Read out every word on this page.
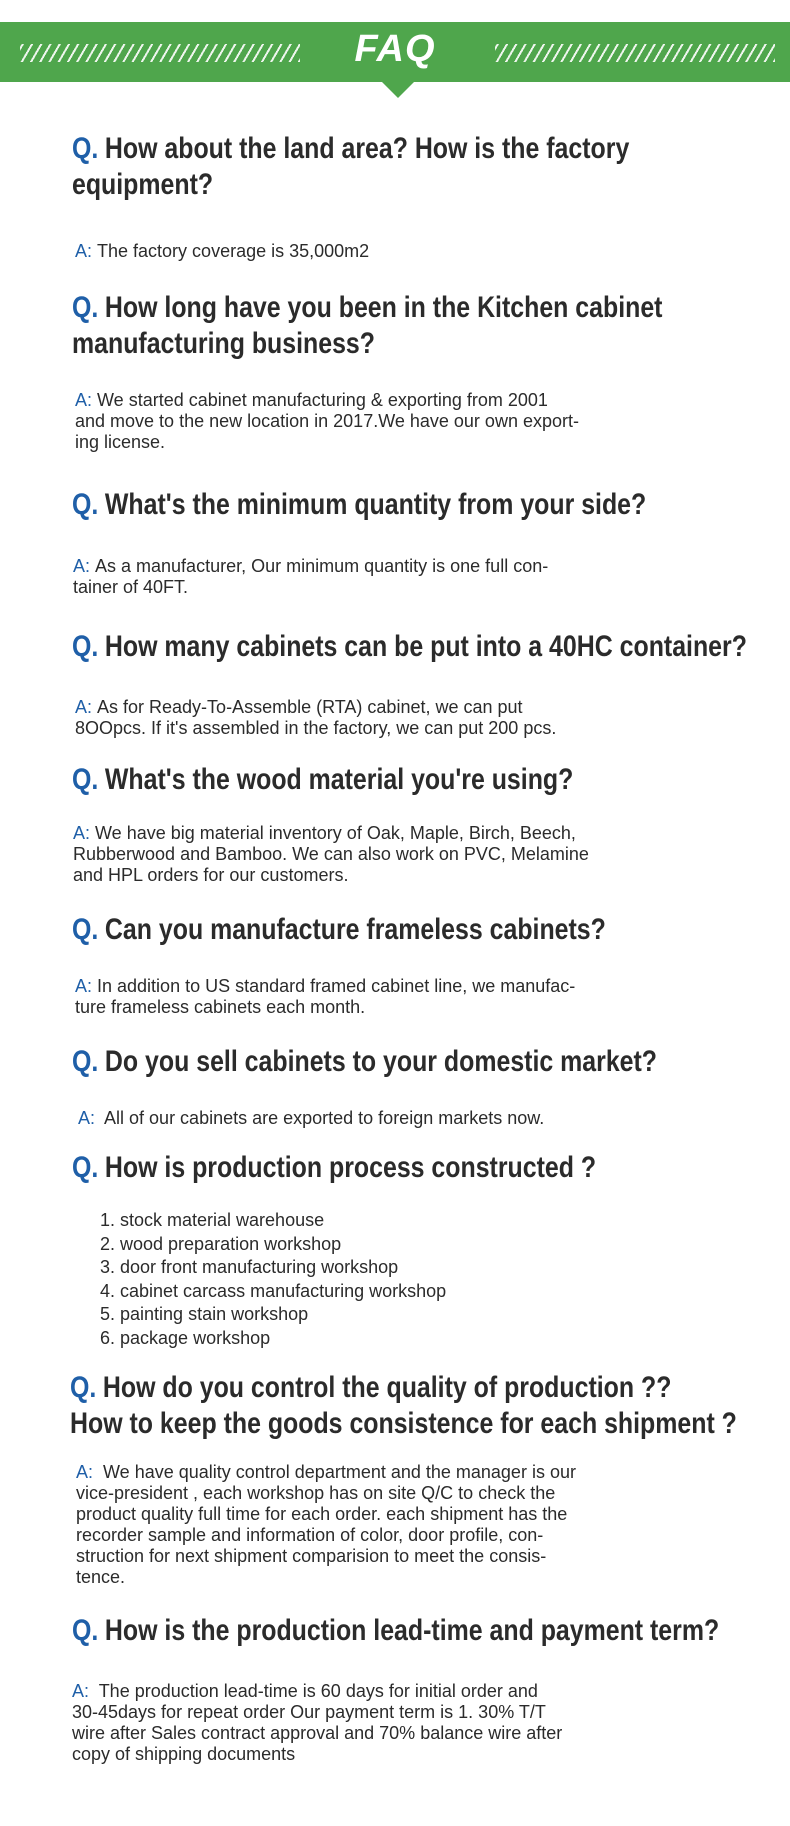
FAQ
Q. How about the land area? How is the factory
equipment?
A: The factory coverage is 35,000m2
Q. How long have you been in the Kitchen cabinet
manufacturing business?
A: We started cabinet manufacturing & exporting from 2001
and move to the new location in 2017.We have our own export-
ing license.
Q. What's the minimum quantity from your side?
A: As a manufacturer, Our minimum quantity is one full con-
tainer of 40FT.
Q. How many cabinets can be put into a 40HC container?
A: As for Ready-To-Assemble (RTA) cabinet, we can put
8OOpcs. If it's assembled in the factory, we can put 200 pcs.
Q. What's the wood material you're using?
A: We have big material inventory of Oak, Maple, Birch, Beech,
Rubberwood and Bamboo. We can also work on PVC, Melamine
and HPL orders for our customers.
Q. Can you manufacture frameless cabinets?
A: In addition to US standard framed cabinet line, we manufac-
ture frameless cabinets each month.
Q. Do you sell cabinets to your domestic market?
A: All of our cabinets are exported to foreign markets now.
Q. How is production process constructed ?
1. stock material warehouse
2. wood preparation workshop
3. door front manufacturing workshop
4. cabinet carcass manufacturing workshop
5. painting stain workshop
6. package workshop
Q. How do you control the quality of production ??
How to keep the goods consistence for each shipment ?
A: We have quality control department and the manager is our
vice-president , each workshop has on site Q/C to check the
product quality full time for each order. each shipment has the
recorder sample and information of color, door profile, con-
struction for next shipment comparision to meet the consis-
tence.
Q. How is the production lead-time and payment term?
A: The production lead-time is 60 days for initial order and
30-45days for repeat order Our payment term is 1. 30% T/T
wire after Sales contract approval and 70% balance wire after
copy of shipping documents
